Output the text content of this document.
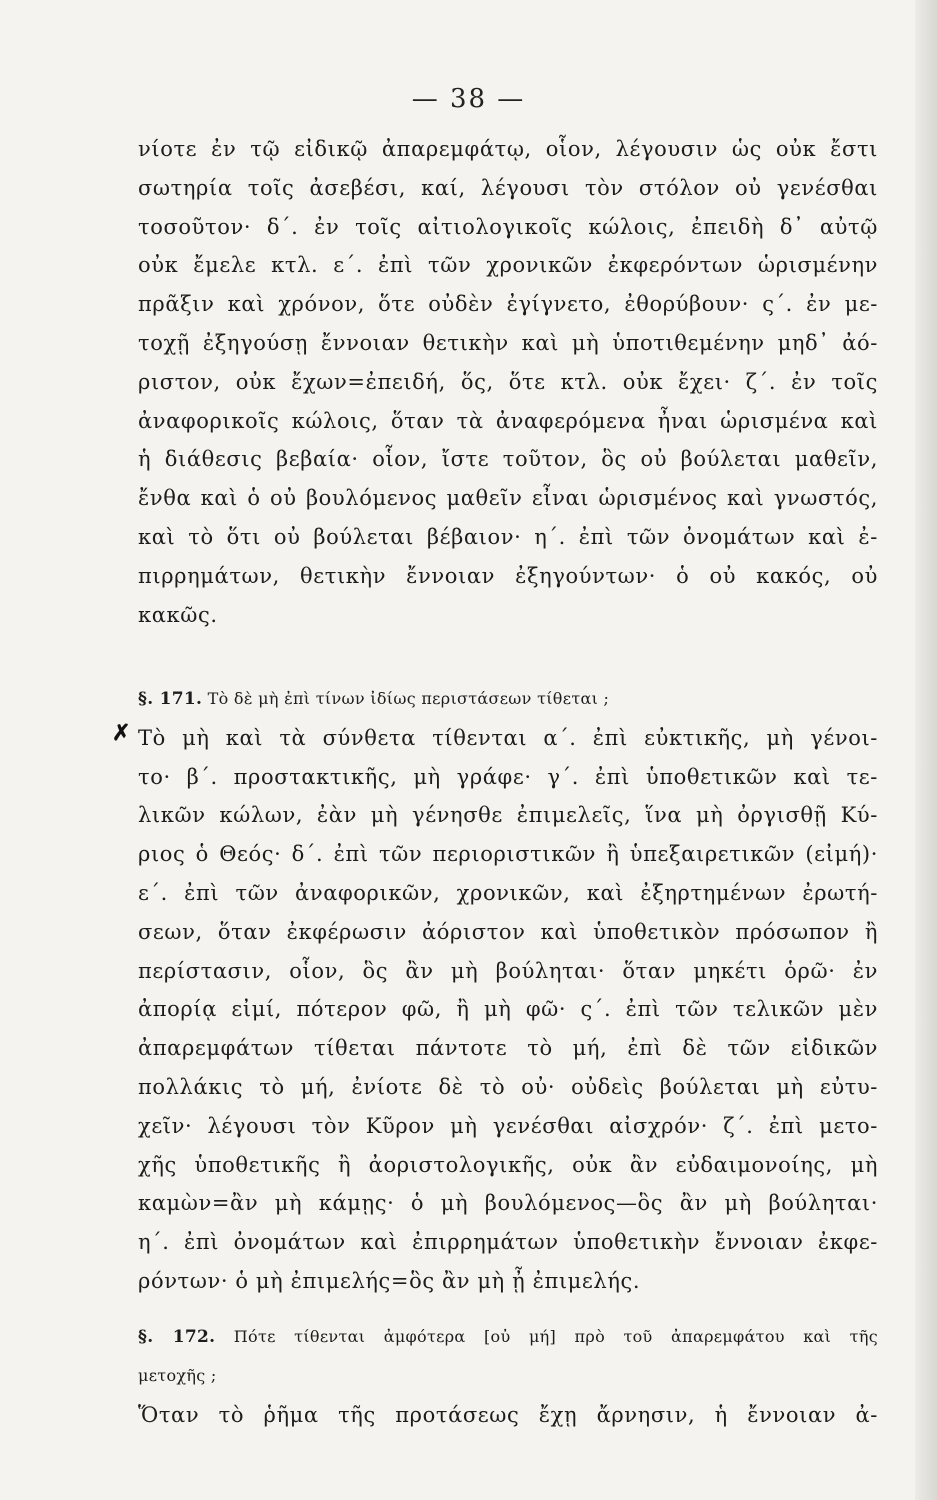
— 38 —
νίοτε ἐν τῷ εἰδικῷ ἀπαρεμφάτῳ, οἷον, λέγουσιν ὡς οὐκ ἔστι
σωτηρία τοῖς ἀσεβέσι, καί, λέγουσι τὸν στόλον οὐ γενέσθαι
τοσοῦτον· δ΄. ἐν τοῖς αἰτιολογικοῖς κώλοις, ἐπειδὴ δ᾽ αὐτῷ
οὐκ ἔμελε κτλ. ε΄. ἐπὶ τῶν χρονικῶν ἐκφερόντων ὡρισμένην
πρᾶξιν καὶ χρόνον, ὅτε οὐδὲν ἐγίγνετο, ἐθορύβουν· ς΄. ἐν με-
τοχῇ ἐξηγούσῃ ἔννοιαν θετικὴν καὶ μὴ ὑποτιθεμένην μηδ᾽ ἀό-
ριστον, οὐκ ἔχων=ἐπειδή, ὅς, ὅτε κτλ. οὐκ ἔχει· ζ΄. ἐν τοῖς
ἀναφορικοῖς κώλοις, ὅταν τὰ ἀναφερόμενα ἦναι ὡρισμένα καὶ
ἡ διάθεσις βεβαία· οἷον, ἴστε τοῦτον, ὃς οὐ βούλεται μαθεῖν,
ἔνθα καὶ ὁ οὐ βουλόμενος μαθεῖν εἶναι ὡρισμένος καὶ γνωστός,
καὶ τὸ ὅτι οὐ βούλεται βέβαιον· η΄. ἐπὶ τῶν ὀνομάτων καὶ ἐ-
πιρρημάτων, θετικὴν ἔννοιαν ἐξηγούντων· ὁ οὐ κακός, οὐ
κακῶς.
✗
§. 171. Τὸ δὲ μὴ ἐπὶ τίνων ἰδίως περιστάσεων τίθεται ;
Τὸ μὴ καὶ τὰ σύνθετα τίθενται α΄. ἐπὶ εὐκτικῆς, μὴ γένοι-
το· β΄. προστακτικῆς, μὴ γράφε· γ΄. ἐπὶ ὑποθετικῶν καὶ τε-
λικῶν κώλων, ἐὰν μὴ γένησθε ἐπιμελεῖς, ἵνα μὴ ὀργισθῇ Κύ-
ριος ὁ Θεός· δ΄. ἐπὶ τῶν περιοριστικῶν ἢ ὑπεξαιρετικῶν (εἰμή)·
ε΄. ἐπὶ τῶν ἀναφορικῶν, χρονικῶν, καὶ ἐξηρτημένων ἐρωτή-
σεων, ὅταν ἐκφέρωσιν ἀόριστον καὶ ὑποθετικὸν πρόσωπον ἢ
περίστασιν, οἷον, ὃς ἂν μὴ βούληται· ὅταν μηκέτι ὁρῶ· ἐν
ἀπορίᾳ εἰμί, πότερον φῶ, ἢ μὴ φῶ· ς΄. ἐπὶ τῶν τελικῶν μὲν
ἀπαρεμφάτων τίθεται πάντοτε τὸ μή, ἐπὶ δὲ τῶν εἰδικῶν
πολλάκις τὸ μή, ἐνίοτε δὲ τὸ οὐ· οὐδεὶς βούλεται μὴ εὐτυ-
χεῖν· λέγουσι τὸν Κῦρον μὴ γενέσθαι αἰσχρόν· ζ΄. ἐπὶ μετο-
χῆς ὑποθετικῆς ἢ ἀοριστολογικῆς, οὐκ ἂν εὐδαιμονοίης, μὴ
καμὼν=ἂν μὴ κάμῃς· ὁ μὴ βουλόμενος—ὃς ἂν μὴ βούληται·
η΄. ἐπὶ ὀνομάτων καὶ ἐπιρρημάτων ὑποθετικὴν ἔννοιαν ἐκφε-
ρόντων· ὁ μὴ ἐπιμελής=ὃς ἂν μὴ ᾖ ἐπιμελής.
§. 172. Πότε τίθενται ἀμφότερα [οὐ μή] πρὸ τοῦ ἀπαρεμφάτου καὶ τῆς
μετοχῆς ;
Ὅταν τὸ ῥῆμα τῆς προτάσεως ἔχῃ ἄρνησιν, ἡ ἔννοιαν ἀ-
